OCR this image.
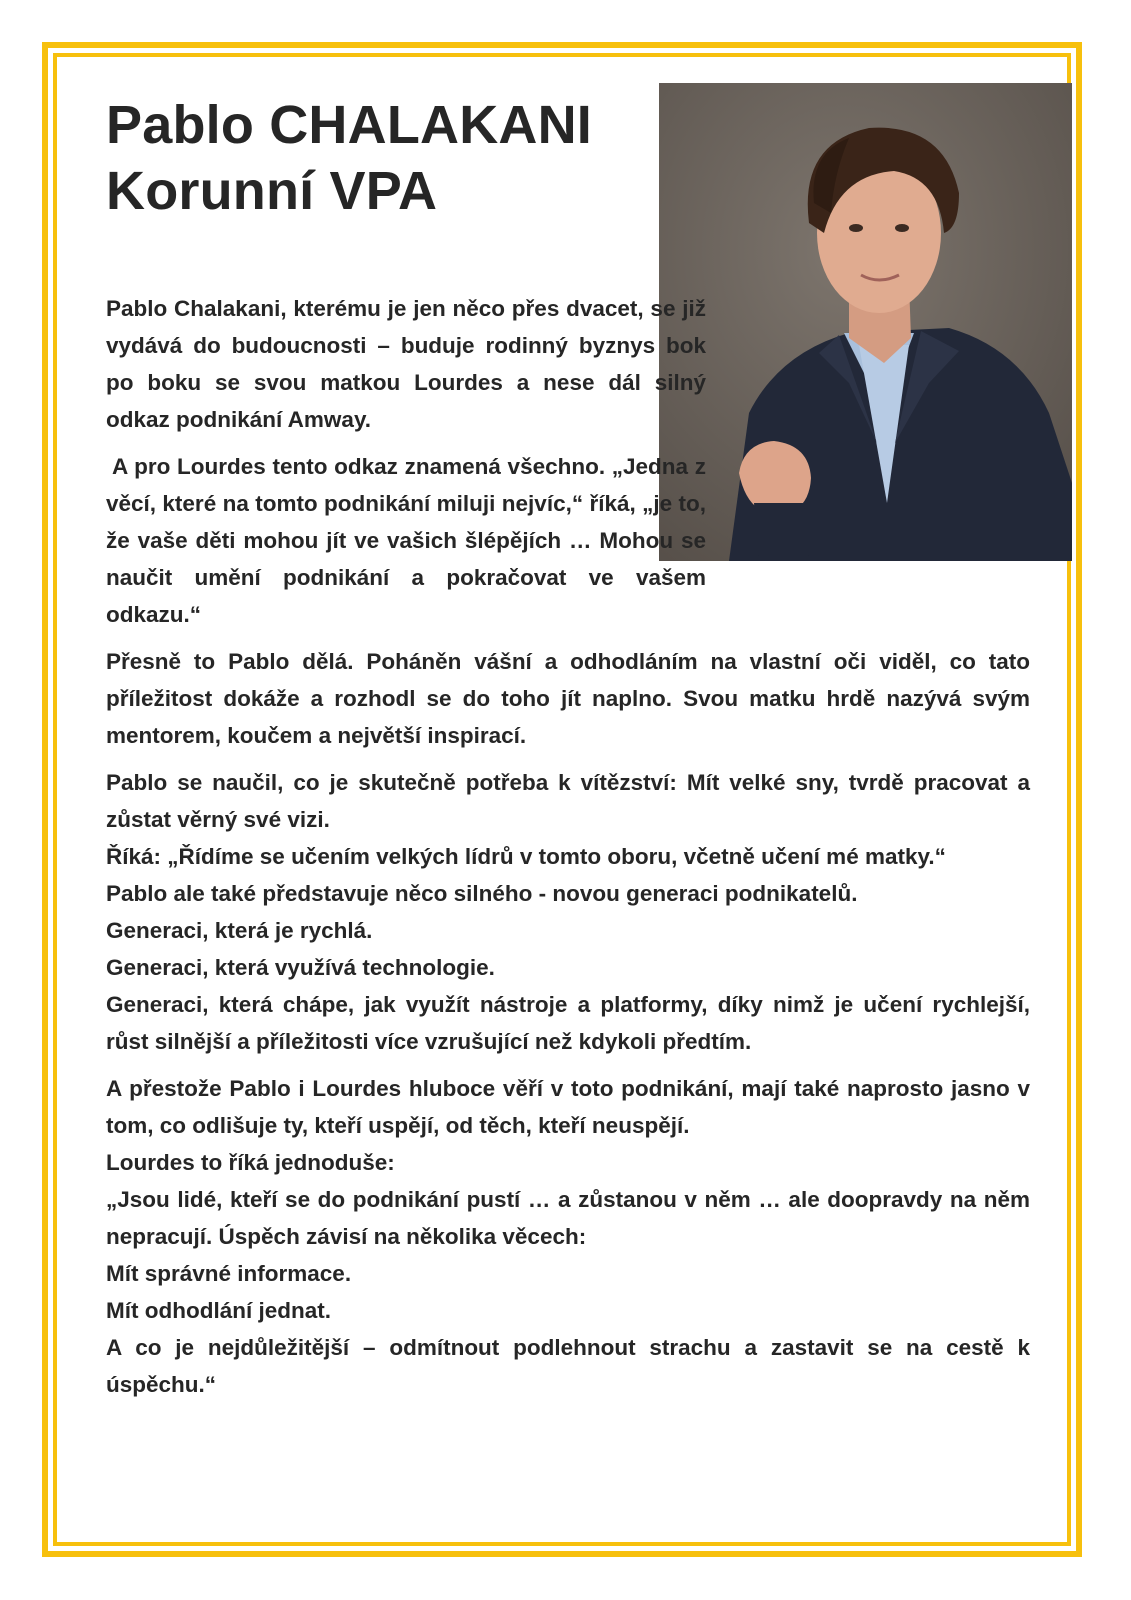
Pablo CHALAKANI
Korunní VPA

Pablo Chalakani, kterému je jen něco přes dvacet, se již vydává do budoucnosti – buduje rodinný byznys bok po boku se svou matkou Lourdes a nese dál silný odkaz podnikání Amway.

A pro Lourdes tento odkaz znamená všechno. „Jedna z věcí, které na tomto podnikání miluji nejvíc,“ říká, „je to, že vaše děti mohou jít ve vašich šlépějích … Mohou se naučit umění podnikání a pokračovat ve vašem odkazu.“

Přesně to Pablo dělá. Poháněn vášní a odhodláním na vlastní oči viděl, co tato příležitost dokáže a rozhodl se do toho jít naplno. Svou matku hrdě nazývá svým mentorem, koučem a největší inspirací.

Pablo se naučil, co je skutečně potřeba k vítězství: Mít velké sny, tvrdě pracovat a zůstat věrný své vizi.

Říká: „Řídíme se učením velkých lídrů v tomto oboru, včetně učení mé matky.“

Pablo ale také představuje něco silného - novou generaci podnikatelů.

Generaci, která je rychlá.

Generaci, která využívá technologie.

Generaci, která chápe, jak využít nástroje a platformy, díky nimž je učení rychlejší, růst silnější a příležitosti více vzrušující než kdykoli předtím.

A přestože Pablo i Lourdes hluboce věří v toto podnikání, mají také naprosto jasno v tom, co odlišuje ty, kteří uspějí, od těch, kteří neuspějí.

Lourdes to říká jednoduše:

„Jsou lidé, kteří se do podnikání pustí … a zůstanou v něm … ale doopravdy na něm nepracují. Úspěch závisí na několika věcech:

Mít správné informace.

Mít odhodlání jednat.

A co je nejdůležitější – odmítnout podlehnout strachu a zastavit se na cestě k úspěchu.“
